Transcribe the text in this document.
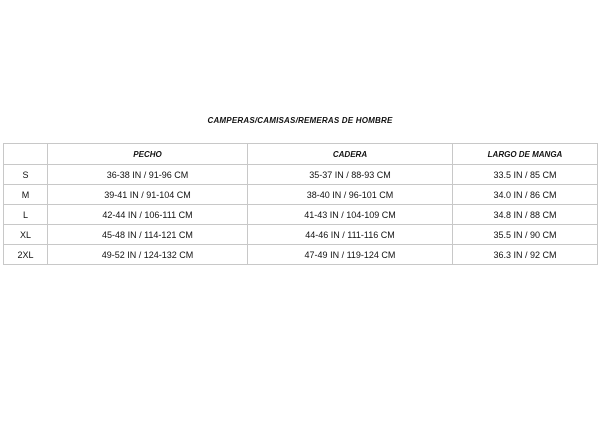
CAMPERAS/CAMISAS/REMERAS DE HOMBRE
	PECHO	CADERA	LARGO DE MANGA
S	36-38 IN / 91-96 CM	35-37 IN / 88-93 CM	33.5 IN / 85 CM
M	39-41 IN / 91-104 CM	38-40 IN / 96-101 CM	34.0 IN / 86 CM
L	42-44 IN / 106-111 CM	41-43 IN / 104-109 CM	34.8 IN / 88 CM
XL	45-48 IN / 114-121 CM	44-46 IN / 111-116 CM	35.5 IN / 90 CM
2XL	49-52 IN / 124-132 CM	47-49 IN / 119-124 CM	36.3 IN / 92 CM
